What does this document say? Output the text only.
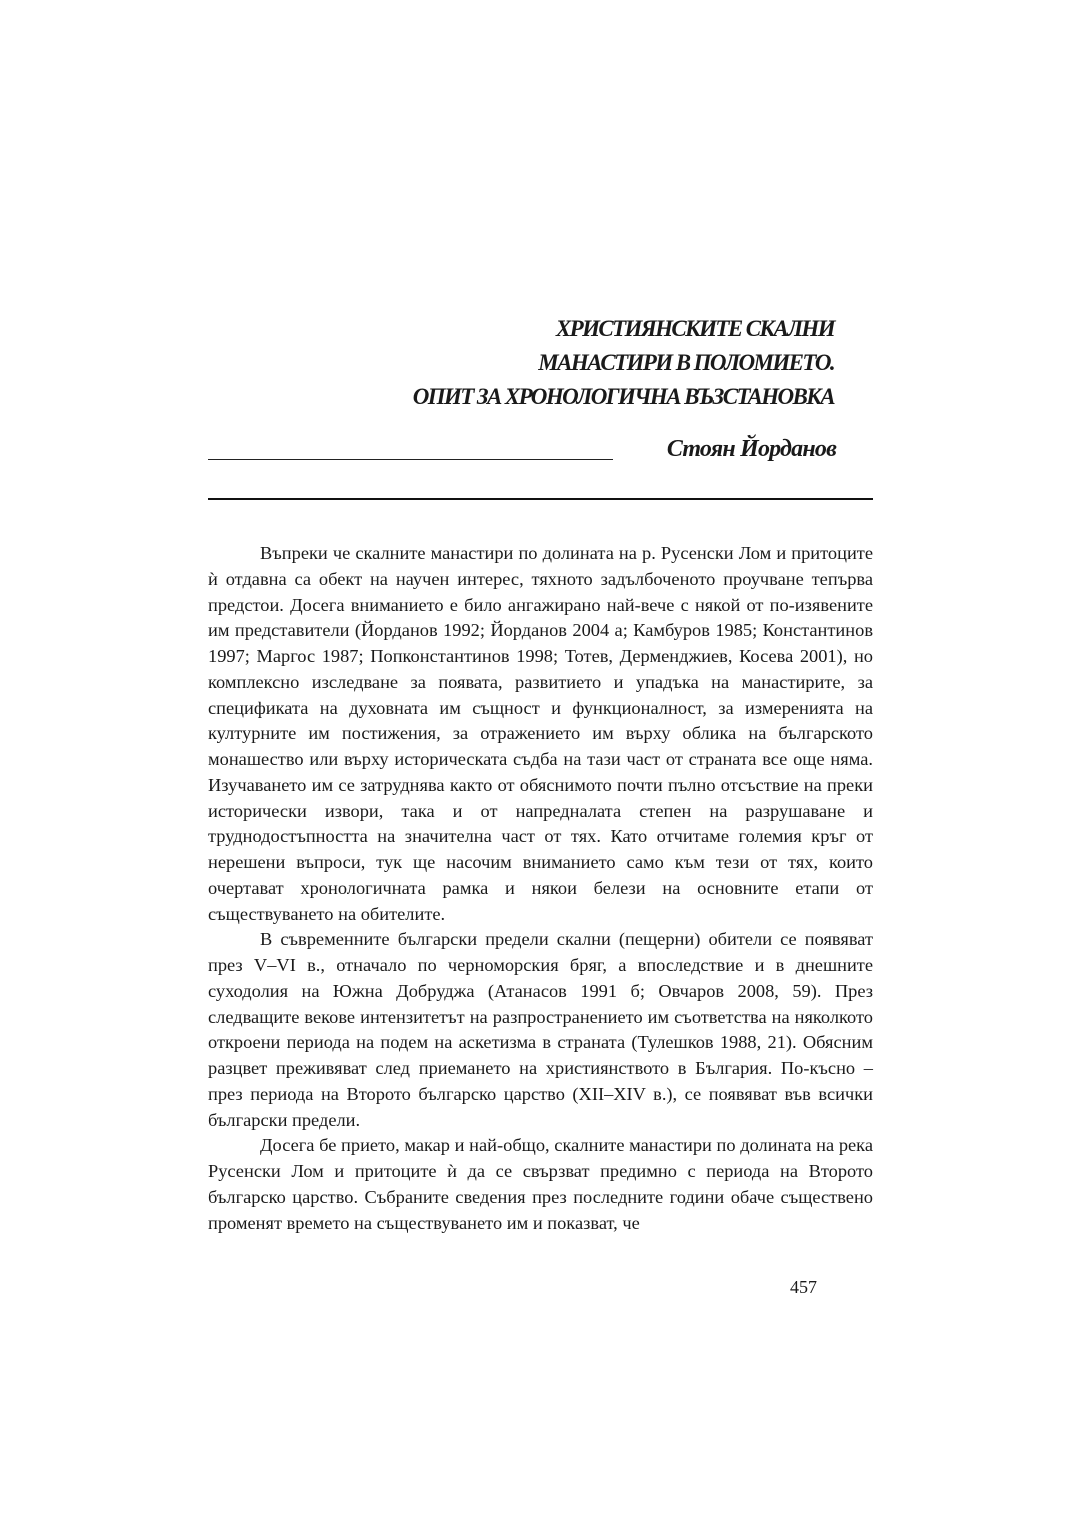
ХРИСТИЯНСКИТЕ СКАЛНИ
МАНАСТИРИ В ПОЛОМИЕТО.
ОПИТ ЗА ХРОНОЛОГИЧНА ВЪЗСТАНОВКА
Стоян Йорданов

Въпреки че скалните манастири по долината на р. Русенски Лом и притоците ѝ отдавна са обект на научен интерес, тяхното задълбоченото проучване тепърва предстои. Досега вниманието е било ангажирано най-вече с някой от по-изявените им представители (Йорданов 1992; Йорданов 2004 а; Камбуров 1985; Константинов 1997; Маргос 1987; Попконстантинов 1998; Тотев, Дерменджиев, Косева 2001), но комплексно изследване за появата, развитието и упадъка на манастирите, за спецификата на духовната им същност и функционалност, за измеренията на културните им постижения, за отражението им върху облика на българското монашество или върху историческата съдба на тази част от страната все още няма. Изучаването им се затруднява както от обяснимото почти пълно отсъствие на преки исторически извори, така и от напредналата степен на разрушаване и труднодостъпността на значителна част от тях. Като отчитаме големия кръг от нерешени въпроси, тук ще насочим вниманието само към тези от тях, които очертават хронологичната рамка и някои белези на основните етапи от съществуването на обителите.

В съвременните български предели скални (пещерни) обители се появяват през V–VI в., отначало по черноморския бряг, а впоследствие и в днешните суходолия на Южна Добруджа (Атанасов 1991 б; Овчаров 2008, 59). През следващите векове интензитетът на разпространението им съответства на няколкото откроени периода на подем на аскетизма в страната (Тулешков 1988, 21). Обясним разцвет преживяват след приемането на християнството в България. По-късно – през периода на Второто българско царство (XII–XIV в.), се появяват във всички български предели.

Досега бе прието, макар и най-общо, скалните манастири по долината на река Русенски Лом и притоците ѝ да се свързват предимно с периода на Второто българско царство. Събраните сведения през последните години обаче съществено променят времето на съществуването им и показват, че

457
